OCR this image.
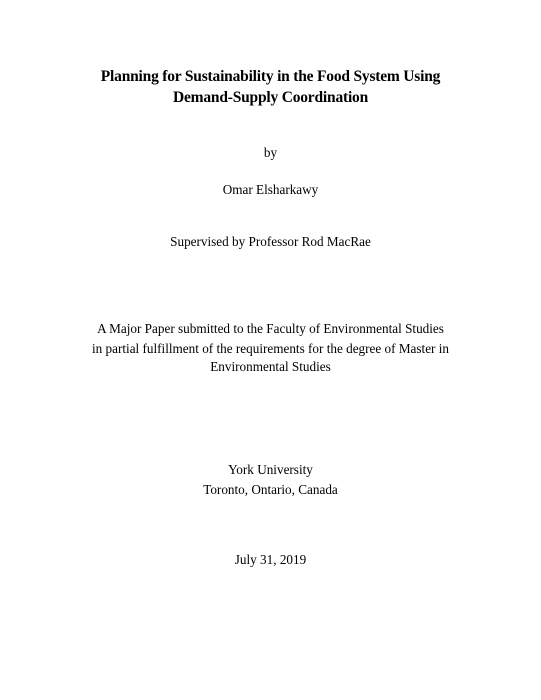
Planning for Sustainability in the Food System Using
Demand-Supply Coordination
by
Omar Elsharkawy
Supervised by Professor Rod MacRae
A Major Paper submitted to the Faculty of Environmental Studies
in partial fulfillment of the requirements for the degree of Master in
Environmental Studies
York University
Toronto, Ontario, Canada
July 31, 2019
